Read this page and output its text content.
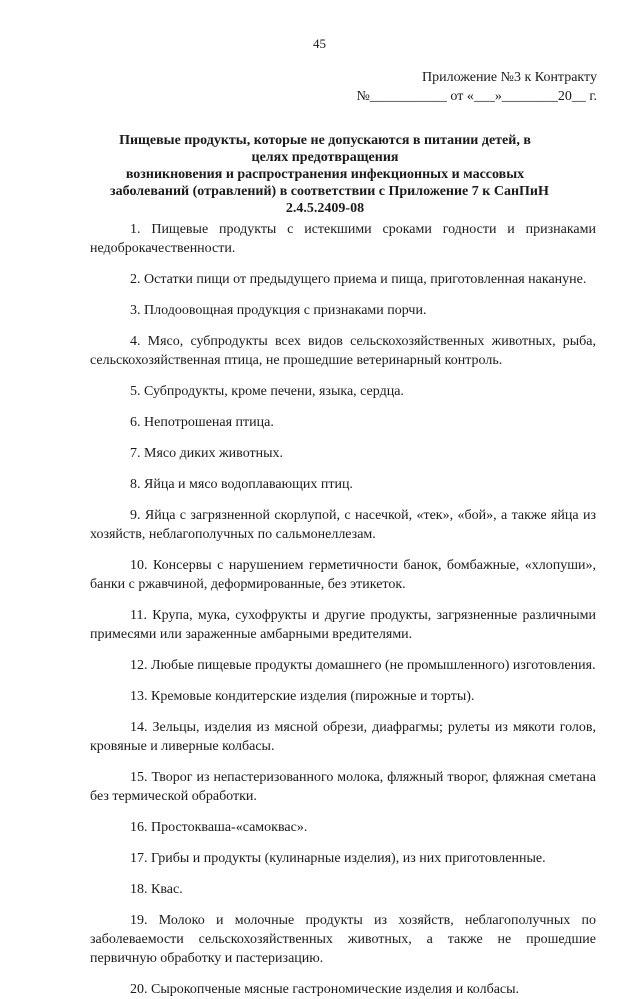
45
Приложение №3 к Контракту
№___________ от «___»________20__ г.
Пищевые продукты, которые не допускаются в питании детей, в
целях предотвращения
возникновения и распространения инфекционных и массовых
заболеваний (отравлений) в соответствии с Приложение 7 к СанПиН
2.4.5.2409-08

1. Пищевые продукты с истекшими сроками годности и признаками недоброкачественности.

2. Остатки пищи от предыдущего приема и пища, приготовленная накануне.

3. Плодоовощная продукция с признаками порчи.

4. Мясо, субпродукты всех видов сельскохозяйственных животных, рыба, сельскохозяйственная птица, не прошедшие ветеринарный контроль.

5. Субпродукты, кроме печени, языка, сердца.

6. Непотрошеная птица.

7. Мясо диких животных.

8. Яйца и мясо водоплавающих птиц.

9. Яйца с загрязненной скорлупой, с насечкой, «тек», «бой», а также яйца из хозяйств, неблагополучных по сальмонеллезам.

10. Консервы с нарушением герметичности банок, бомбажные, «хлопуши», банки с ржавчиной, деформированные, без этикеток.

11. Крупа, мука, сухофрукты и другие продукты, загрязненные различными примесями или зараженные амбарными вредителями.

12. Любые пищевые продукты домашнего (не промышленного) изготовления.

13. Кремовые кондитерские изделия (пирожные и торты).

14. Зельцы, изделия из мясной обрези, диафрагмы; рулеты из мякоти голов, кровяные и ливерные колбасы.

15. Творог из непастеризованного молока, фляжный творог, фляжная сметана без термической обработки.

16. Простокваша-«самоквас».

17. Грибы и продукты (кулинарные изделия), из них приготовленные.

18. Квас.

19. Молоко и молочные продукты из хозяйств, неблагополучных по заболеваемости сельскохозяйственных животных, а также не прошедшие первичную обработку и пастеризацию.

20. Сырокопченые мясные гастрономические изделия и колбасы.
